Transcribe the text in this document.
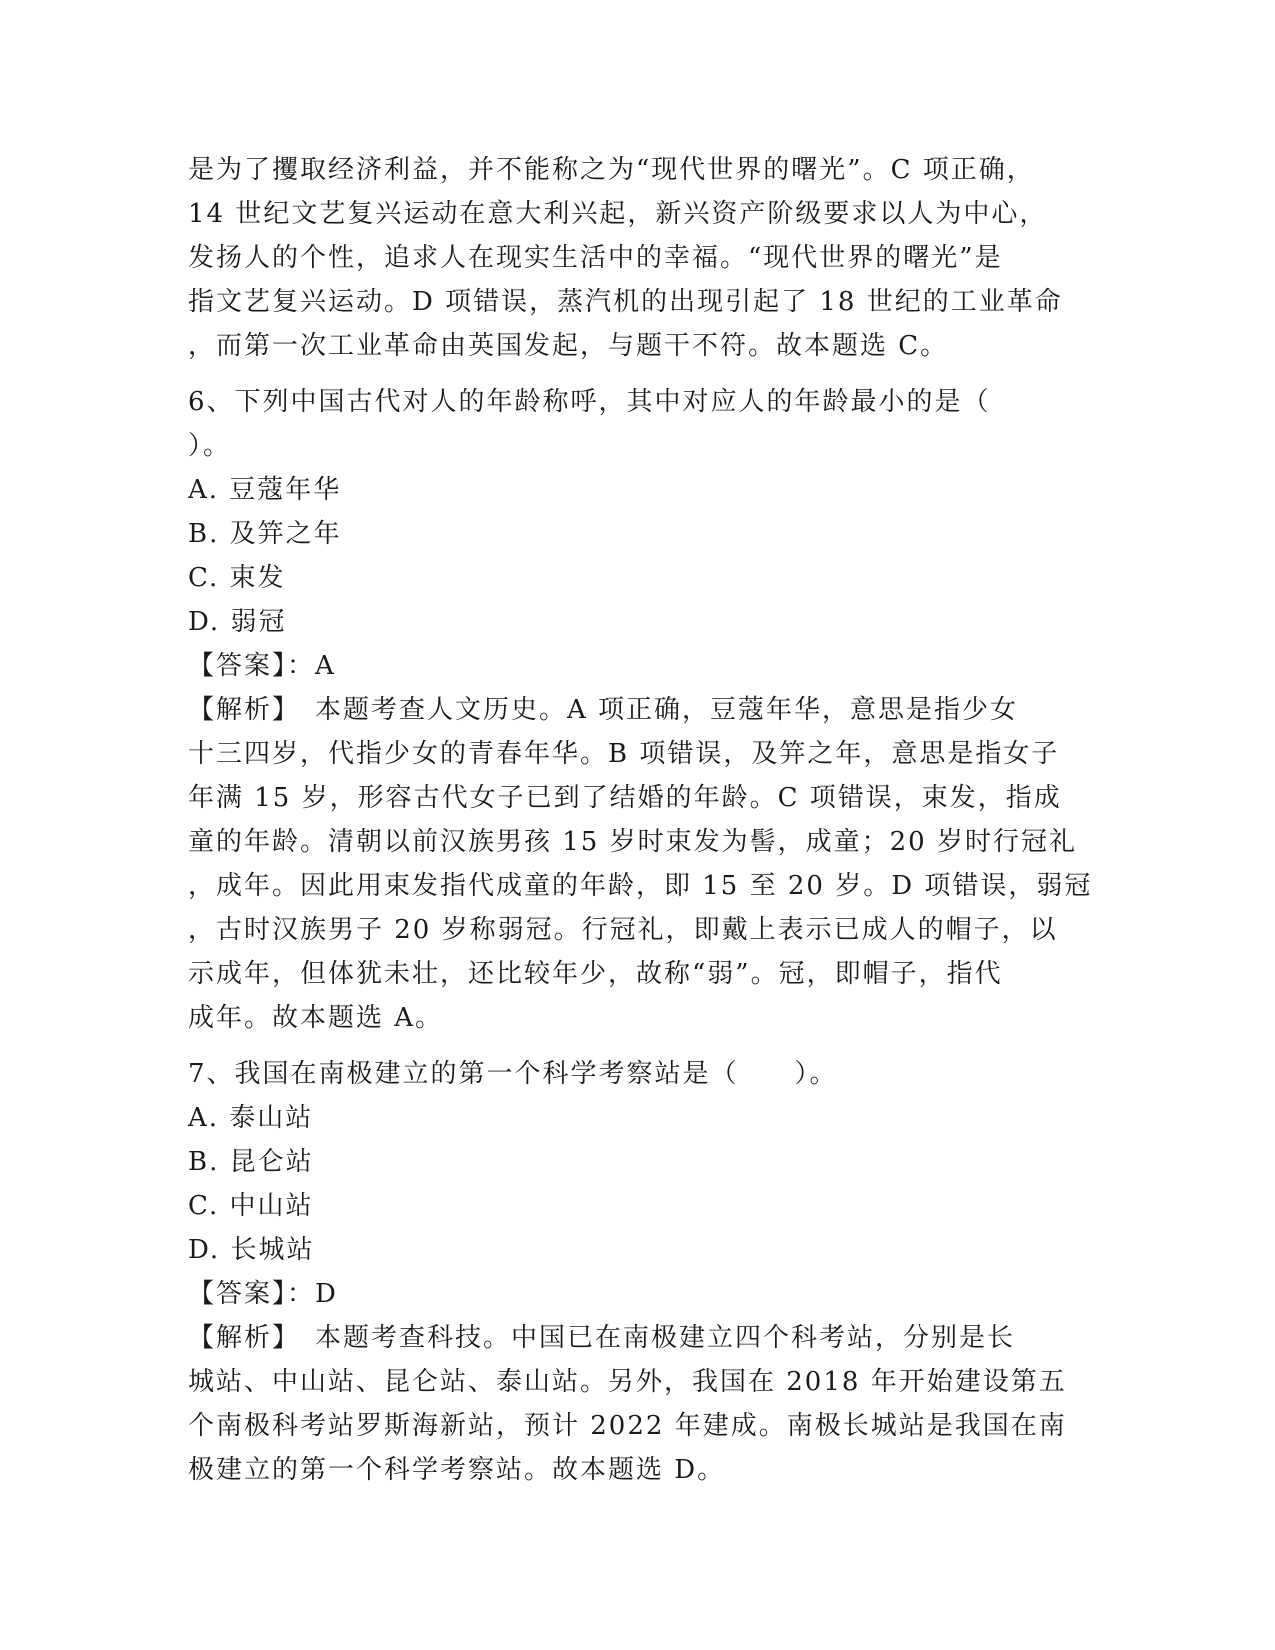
是为了攫取经济利益，并不能称之为“现代世界的曙光”。C 项正确，
14 世纪文艺复兴运动在意大利兴起，新兴资产阶级要求以人为中心，
发扬人的个性，追求人在现实生活中的幸福。“现代世界的曙光”是
指文艺复兴运动。D 项错误，蒸汽机的出现引起了 18 世纪的工业革命
，而第一次工业革命由英国发起，与题干不符。故本题选 C。
6、下列中国古代对人的年龄称呼，其中对应人的年龄最小的是（
）。
A. 豆蔻年华
B. 及笄之年
C. 束发
D. 弱冠
【答案】：A
【解析】　本题考查人文历史。A 项正确，豆蔻年华，意思是指少女
十三四岁，代指少女的青春年华。B 项错误，及笄之年，意思是指女子
年满 15 岁，形容古代女子已到了结婚的年龄。C 项错误，束发，指成
童的年龄。清朝以前汉族男孩 15 岁时束发为髻，成童；20 岁时行冠礼
，成年。因此用束发指代成童的年龄，即 15 至 20 岁。D 项错误，弱冠
，古时汉族男子 20 岁称弱冠。行冠礼，即戴上表示已成人的帽子，以
示成年，但体犹未壮，还比较年少，故称“弱”。冠，即帽子，指代
成年。故本题选 A。
7、我国在南极建立的第一个科学考察站是（　　）。
A. 泰山站
B. 昆仑站
C. 中山站
D. 长城站
【答案】：D
【解析】　本题考查科技。中国已在南极建立四个科考站，分别是长
城站、中山站、昆仑站、泰山站。另外，我国在 2018 年开始建设第五
个南极科考站罗斯海新站，预计 2022 年建成。南极长城站是我国在南
极建立的第一个科学考察站。故本题选 D。
